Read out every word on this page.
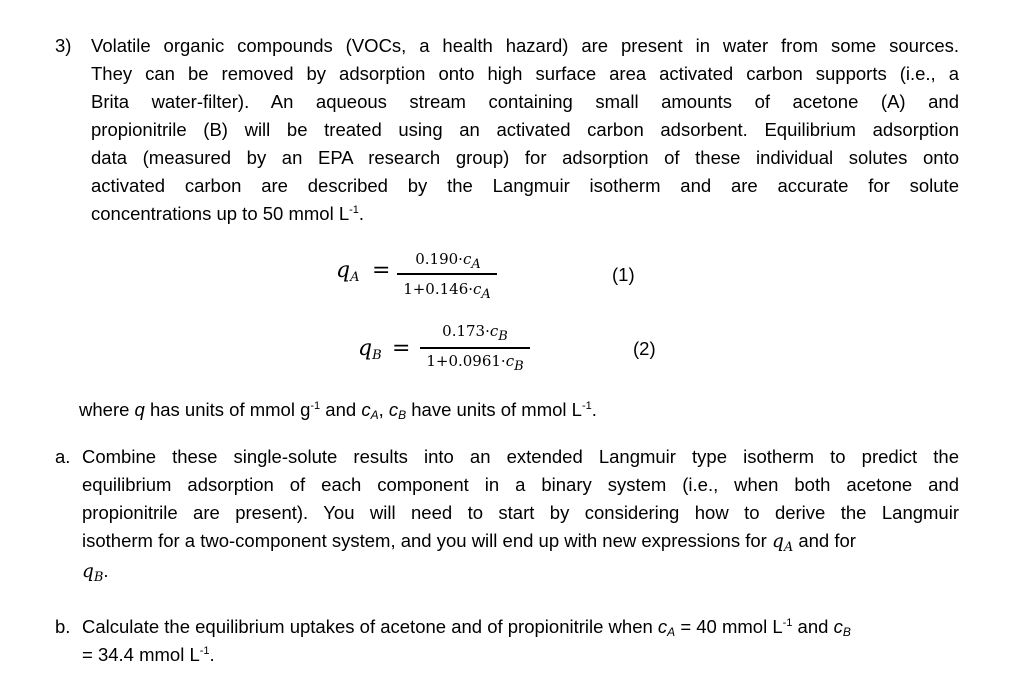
3) Volatile organic compounds (VOCs, a health hazard) are present in water from some sources.
They can be removed by adsorption onto high surface area activated carbon supports (i.e., a
Brita water-filter). An aqueous stream containing small amounts of acetone (A) and
propionitrile (B) will be treated using an activated carbon adsorbent. Equilibrium adsorption
data (measured by an EPA research group) for adsorption of these individual solutes onto
activated carbon are described by the Langmuir isotherm and are accurate for solute
concentrations up to 50 mmol $L^{-1}$.
qA =	0.190·cA
1+0.146·cA
(1)
qB =
0.173·cB
1+0.0961·cB
(2)
where q has units of mmol $g^{-1}$ and cA, cB have units of mmol $L^{-1}$.
a. Combine these single-solute results into an extended Langmuir type isotherm to predict the
equilibrium adsorption of each component in a binary system (i.e., when both acetone and
propionitrile are present). You will need to start by considering how to derive the Langmuir
isotherm for a two-component system, and you will end up with new expressions for $q_A$ and for
$q_B$.
b. Calculate the equilibrium uptakes of acetone and of propionitrile when cA = 40 mmol $L^{-1}$ and cB
= 34.4 mmol $L^{-1}$.
